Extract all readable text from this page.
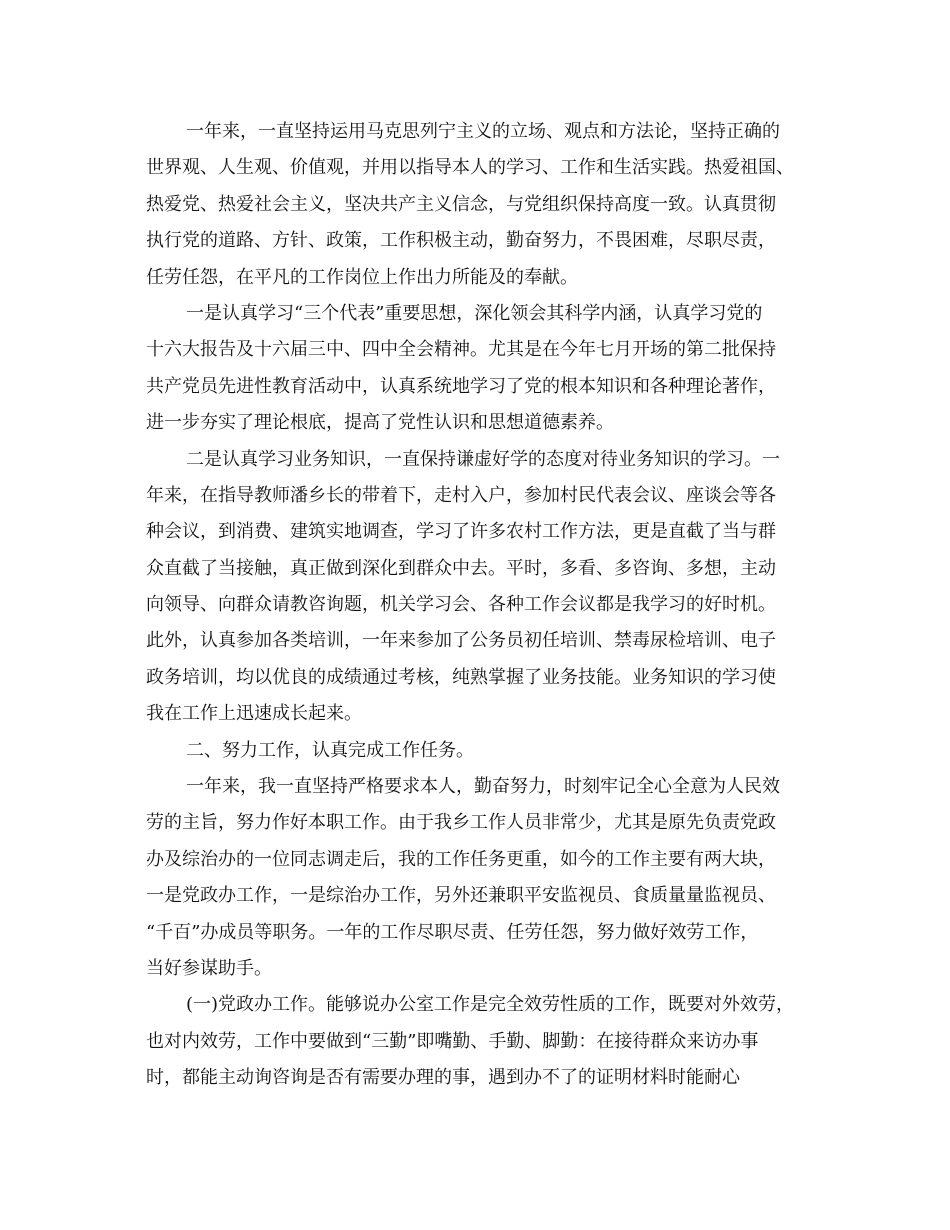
一年来，一直坚持运用马克思列宁主义的立场、观点和方法论，坚持正确的
世界观、人生观、价值观，并用以指导本人的学习、工作和生活实践。热爱祖国、
热爱党、热爱社会主义，坚决共产主义信念，与党组织保持高度一致。认真贯彻
执行党的道路、方针、政策，工作积极主动，勤奋努力，不畏困难，尽职尽责，
任劳任怨，在平凡的工作岗位上作出力所能及的奉献。
一是认真学习“三个代表”重要思想，深化领会其科学内涵，认真学习党的
十六大报告及十六届三中、四中全会精神。尤其是在今年七月开场的第二批保持
共产党员先进性教育活动中，认真系统地学习了党的根本知识和各种理论著作，
进一步夯实了理论根底，提高了党性认识和思想道德素养。
二是认真学习业务知识，一直保持谦虚好学的态度对待业务知识的学习。一
年来，在指导教师潘乡长的带着下，走村入户，参加村民代表会议、座谈会等各
种会议，到消费、建筑实地调查，学习了许多农村工作方法，更是直截了当与群
众直截了当接触，真正做到深化到群众中去。平时，多看、多咨询、多想，主动
向领导、向群众请教咨询题，机关学习会、各种工作会议都是我学习的好时机。
此外，认真参加各类培训，一年来参加了公务员初任培训、禁毒尿检培训、电子
政务培训，均以优良的成绩通过考核，纯熟掌握了业务技能。业务知识的学习使
我在工作上迅速成长起来。
二、努力工作，认真完成工作任务。
一年来，我一直坚持严格要求本人，勤奋努力，时刻牢记全心全意为人民效
劳的主旨，努力作好本职工作。由于我乡工作人员非常少，尤其是原先负责党政
办及综治办的一位同志调走后，我的工作任务更重，如今的工作主要有两大块，
一是党政办工作，一是综治办工作，另外还兼职平安监视员、食质量量监视员、
“千百”办成员等职务。一年的工作尽职尽责、任劳任怨，努力做好效劳工作，
当好参谋助手。
(一)党政办工作。能够说办公室工作是完全效劳性质的工作，既要对外效劳，
也对内效劳，工作中要做到“三勤”即嘴勤、手勤、脚勤：在接待群众来访办事
时，都能主动询咨询是否有需要办理的事，遇到办不了的证明材料时能耐心
